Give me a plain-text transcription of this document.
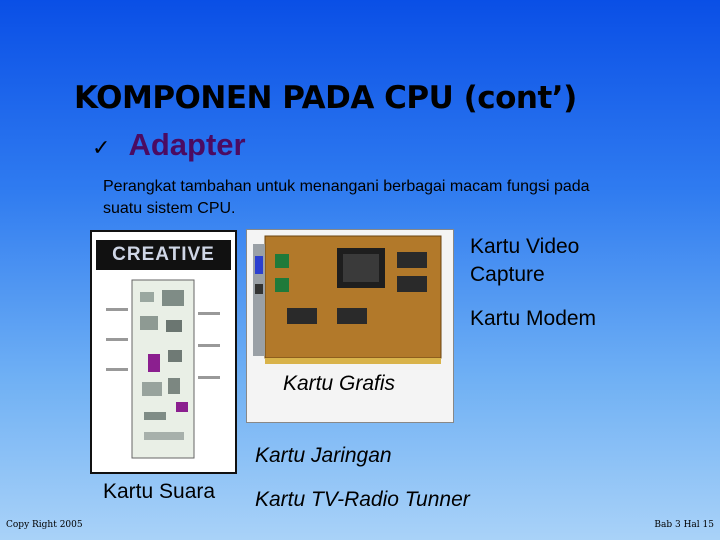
KOMPONEN PADA CPU (cont’)
✓ Adapter
Perangkat tambahan untuk menangani berbagai macam fungsi pada suatu sistem CPU.
CREATIVE	Kartu Video
Capture
Kartu Modem
Kartu Grafis
Kartu Jaringan
Kartu Suara Kartu TV-Radio Tunner
Copy Right 2005	Bab 3 Hal 15
